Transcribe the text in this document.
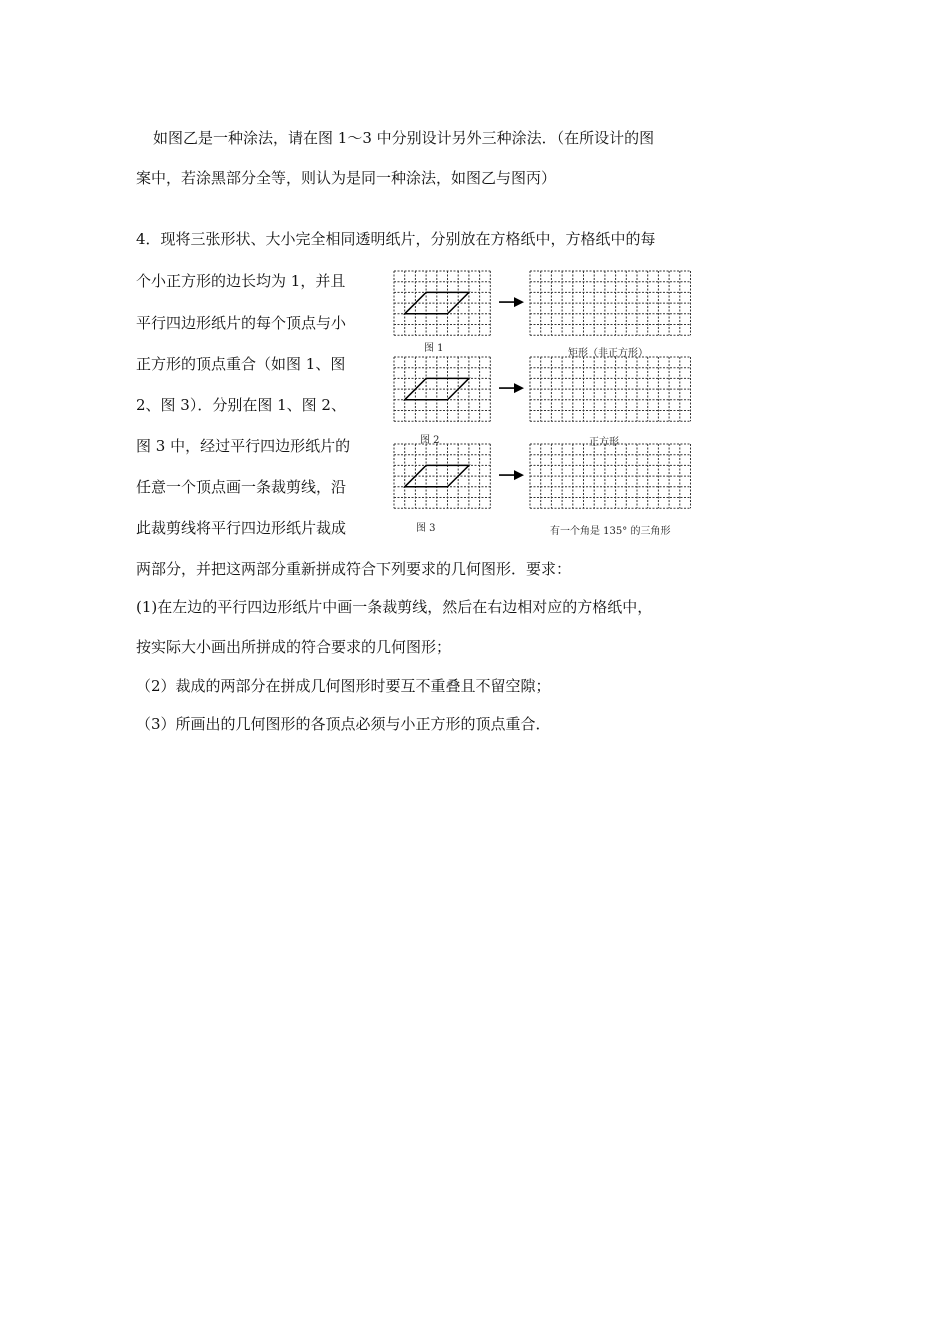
如图乙是一种涂法，请在图 1～3 中分别设计另外三种涂法．（在所设计的图
案中，若涂黑部分全等，则认为是同一种涂法，如图乙与图丙）
4．现将三张形状、大小完全相同透明纸片，分别放在方格纸中，方格纸中的每
个小正方形的边长均为 1，并且
平行四边形纸片的每个顶点与小
正方形的顶点重合（如图 1、图
2、图 3）．分别在图 1、图 2、
图 3 中，经过平行四边形纸片的
任意一个顶点画一条裁剪线，沿
此裁剪线将平行四边形纸片裁成
两部分，并把这两部分重新拼成符合下列要求的几何图形．要求：
(1)在左边的平行四边形纸片中画一条裁剪线，然后在右边相对应的方格纸中，
按实际大小画出所拼成的符合要求的几何图形；
（2）裁成的两部分在拼成几何图形时要互不重叠且不留空隙；
（3）所画出的几何图形的各顶点必须与小正方形的顶点重合．
图 1
图 2
图 3
矩形（非正方形）
正方形
有一个角是 135° 的三角形
